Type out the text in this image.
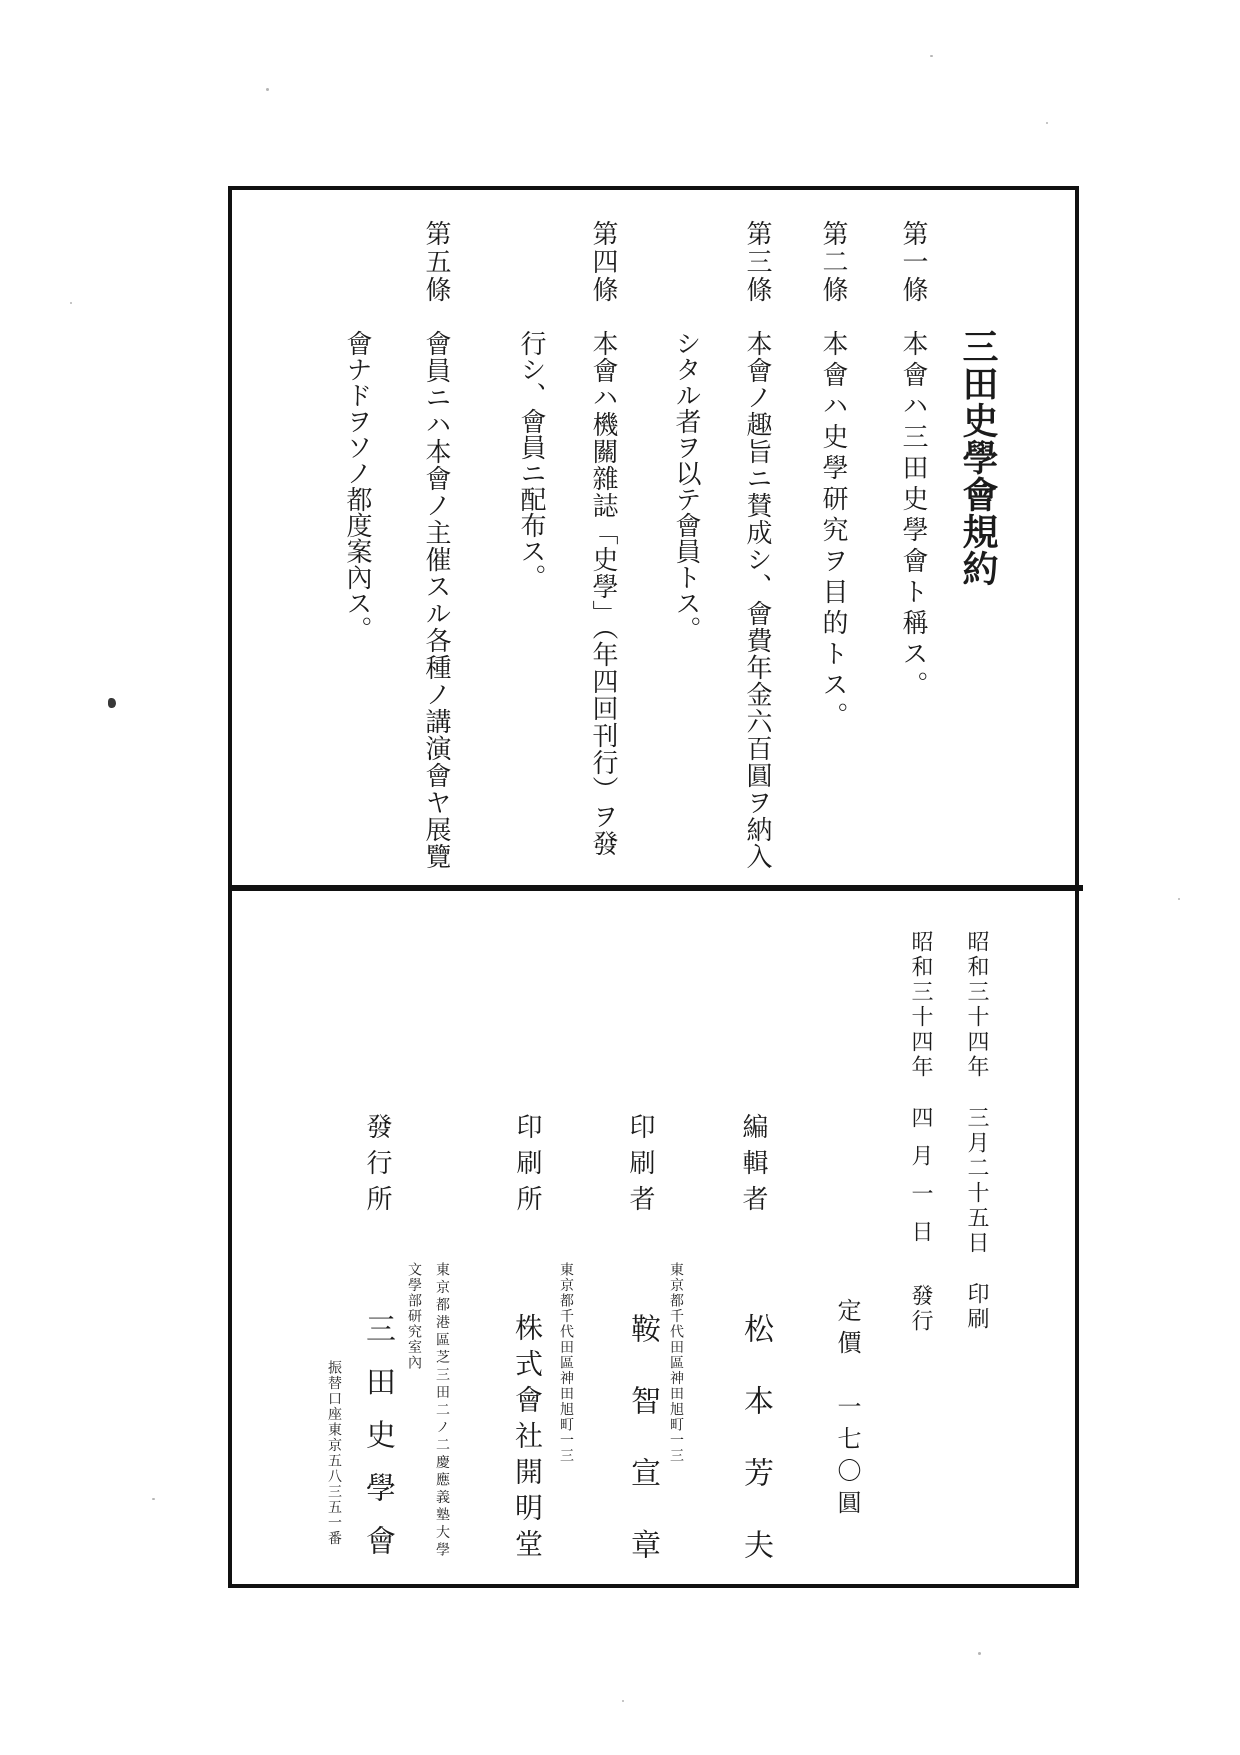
三田史學會規約
第一條
本會ハ三田史學會ト稱ス。
第二條
本會ハ史學研究ヲ目的トス。
第三條
本會ノ趣旨ニ賛成シ、會費年金六百圓ヲ納入
シタル者ヲ以テ會員トス。
第四條
本會ハ機關雜誌「史學」（年四回刊行）ヲ發
行シ、會員ニ配布ス。
第五條
會員ニハ本會ノ主催スル各種ノ講演會ヤ展覽
會ナドヲソノ都度案內ス。
昭和三十四年三月二十五日印刷
昭和三十四年四月一日發行
定價　一七〇圓
編輯者
松本芳夫
東京都千代田區神田旭町一三
印刷者
鞍智宣章
東京都千代田區神田旭町一三
印刷所
株式會社開明堂
東京都港區芝三田二ノ二慶應義塾大學
文學部研究室內
發行所
三田史學會
振替口座東京五八三五一番
